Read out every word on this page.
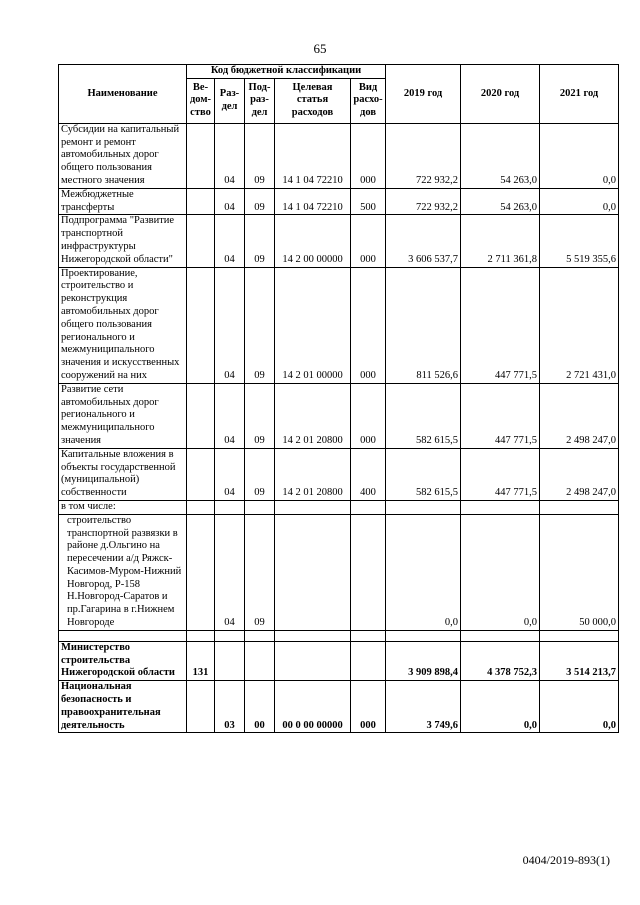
65
Наименование	Код бюджетной классификации					2019 год	2020 год	2021 год
	Ве-дом-ство	Раз-дел	Под-раз-дел	Целевая статья расходов	Вид расхо-дов			
Субсидии на капитальный ремонт и ремонт автомобильных дорог общего пользования местного значения		04	09	14 1 04 72210	000	722 932,2	54 263,0	0,0
Межбюджетные трансферты		04	09	14 1 04 72210	500	722 932,2	54 263,0	0,0
Подпрограмма "Развитие транспортной инфраструктуры Нижегородской области"		04	09	14 2 00 00000	000	3 606 537,7	2 711 361,8	5 519 355,6
Проектирование, строительство и реконструкция автомобильных дорог общего пользования регионального и межмуниципального значения и искусственных сооружений на них		04	09	14 2 01 00000	000	811 526,6	447 771,5	2 721 431,0
Развитие сети автомобильных дорог регионального и межмуниципального значения		04	09	14 2 01 20800	000	582 615,5	447 771,5	2 498 247,0
Капитальные вложения в объекты государственной (муниципальной) собственности		04	09	14 2 01 20800	400	582 615,5	447 771,5	2 498 247,0
в том числе:								
строительство транспортной развязки в районе д.Ольгино на пересечении а/д Ряжск-Касимов-Муром-Нижний Новгород, Р-158 Н.Новгород-Саратов и пр.Гагарина в г.Нижнем Новгороде		04	09			0,0	0,0	50 000,0

Министерство строительства Нижегородской области	131					3 909 898,4	4 378 752,3	3 514 213,7
Национальная безопасность и правоохранительная деятельность		03	00	00 0 00 00000	000	3 749,6	0,0	0,0
0404/2019-893(1)
